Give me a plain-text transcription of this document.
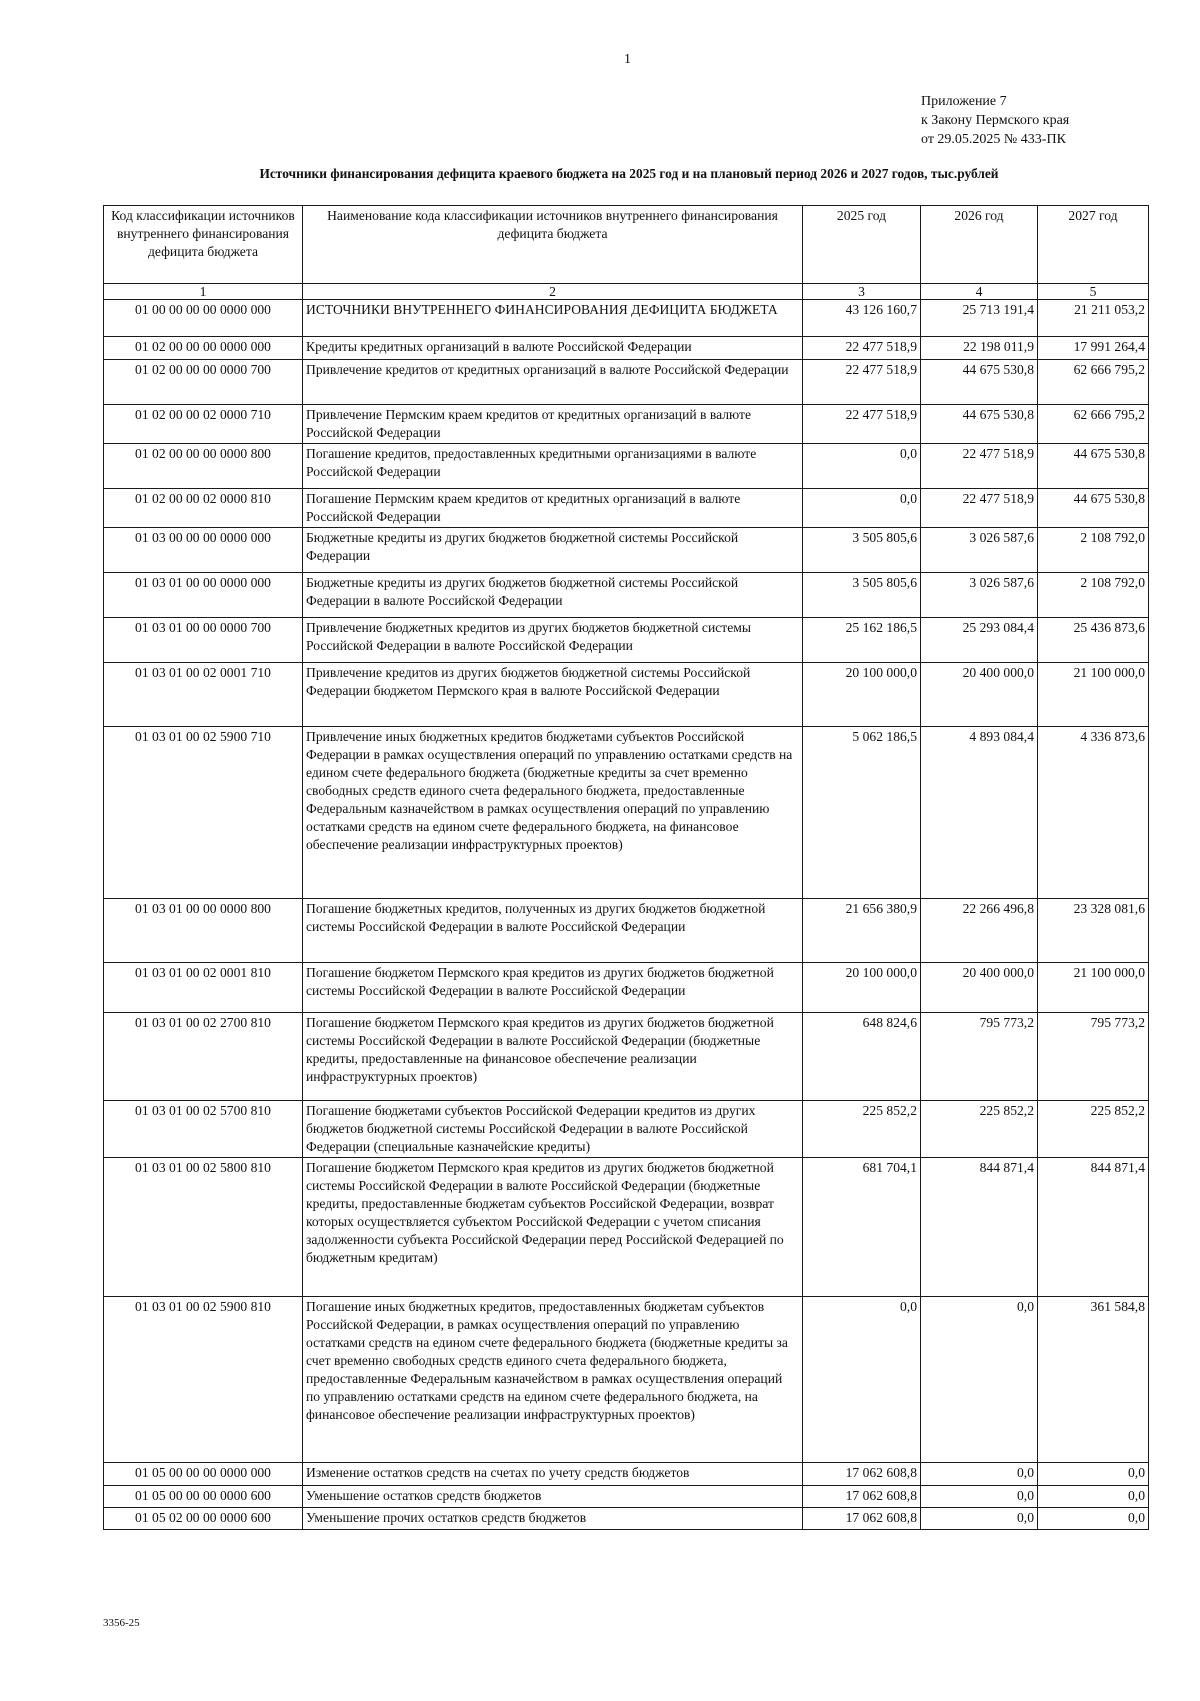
1
Приложение 7
к Закону Пермского края
от 29.05.2025 № 433-ПК
Источники финансирования дефицита краевого бюджета на 2025 год и на плановый период 2026 и 2027 годов, тыс.рублей
Код классификации источников внутреннего финансирования дефицита бюджета	Наименование кода классификации источников внутреннего финансирования дефицита бюджета	2025 год	2026 год	2027 год
1	2	3	4	5
01 00 00 00 00 0000 000	ИСТОЧНИКИ ВНУТРЕННЕГО ФИНАНСИРОВАНИЯ ДЕФИЦИТА БЮДЖЕТА	43 126 160,7	25 713 191,4	21 211 053,2
01 02 00 00 00 0000 000	Кредиты кредитных организаций в валюте Российской Федерации	22 477 518,9	22 198 011,9	17 991 264,4
01 02 00 00 00 0000 700	Привлечение кредитов от кредитных организаций в валюте Российской Федерации	22 477 518,9	44 675 530,8	62 666 795,2
01 02 00 00 02 0000 710	Привлечение Пермским краем кредитов от кредитных организаций в валюте Российской Федерации	22 477 518,9	44 675 530,8	62 666 795,2
01 02 00 00 00 0000 800	Погашение кредитов, предоставленных кредитными организациями в валюте Российской Федерации	0,0	22 477 518,9	44 675 530,8
01 02 00 00 02 0000 810	Погашение Пермским краем кредитов от кредитных организаций в валюте Российской Федерации	0,0	22 477 518,9	44 675 530,8
01 03 00 00 00 0000 000	Бюджетные кредиты из других бюджетов бюджетной системы Российской Федерации	3 505 805,6	3 026 587,6	2 108 792,0
01 03 01 00 00 0000 000	Бюджетные кредиты из других бюджетов бюджетной системы Российской Федерации в валюте Российской Федерации	3 505 805,6	3 026 587,6	2 108 792,0
01 03 01 00 00 0000 700	Привлечение бюджетных кредитов из других бюджетов бюджетной системы Российской Федерации в валюте Российской Федерации	25 162 186,5	25 293 084,4	25 436 873,6
01 03 01 00 02 0001 710	Привлечение кредитов из других бюджетов бюджетной системы Российской Федерации бюджетом Пермского края в валюте Российской Федерации	20 100 000,0	20 400 000,0	21 100 000,0
01 03 01 00 02 5900 710	Привлечение иных бюджетных кредитов бюджетами субъектов Российской Федерации в рамках осуществления операций по управлению остатками средств на едином счете федерального бюджета (бюджетные кредиты за счет временно свободных средств единого счета федерального бюджета, предоставленные Федеральным казначейством в рамках осуществления операций по управлению остатками средств на едином счете федерального бюджета, на финансовое обеспечение реализации инфраструктурных проектов)	5 062 186,5	4 893 084,4	4 336 873,6
01 03 01 00 00 0000 800	Погашение бюджетных кредитов, полученных из других бюджетов бюджетной системы Российской Федерации в валюте Российской Федерации	21 656 380,9	22 266 496,8	23 328 081,6
01 03 01 00 02 0001 810	Погашение бюджетом Пермского края кредитов из других бюджетов бюджетной системы Российской Федерации в валюте Российской Федерации	20 100 000,0	20 400 000,0	21 100 000,0
01 03 01 00 02 2700 810	Погашение бюджетом Пермского края кредитов из других бюджетов бюджетной системы Российской Федерации в валюте Российской Федерации (бюджетные кредиты, предоставленные на финансовое обеспечение реализации инфраструктурных проектов)	648 824,6	795 773,2	795 773,2
01 03 01 00 02 5700 810	Погашение бюджетами субъектов Российской Федерации кредитов из других бюджетов бюджетной системы Российской Федерации в валюте Российской Федерации (специальные казначейские кредиты)	225 852,2	225 852,2	225 852,2
01 03 01 00 02 5800 810	Погашение бюджетом Пермского края кредитов из других бюджетов бюджетной системы Российской Федерации в валюте Российской Федерации (бюджетные кредиты, предоставленные бюджетам субъектов Российской Федерации, возврат которых осуществляется субъектом Российской Федерации с учетом списания задолженности субъекта Российской Федерации перед Российской Федерацией по бюджетным кредитам)	681 704,1	844 871,4	844 871,4
01 03 01 00 02 5900 810	Погашение иных бюджетных кредитов, предоставленных бюджетам субъектов Российской Федерации, в рамках осуществления операций по управлению остатками средств на едином счете федерального бюджета (бюджетные кредиты за счет временно свободных средств единого счета федерального бюджета, предоставленные Федеральным казначейством в рамках осуществления операций по управлению остатками средств на едином счете федерального бюджета, на финансовое обеспечение реализации инфраструктурных проектов)	0,0	0,0	361 584,8
01 05 00 00 00 0000 000	Изменение остатков средств на счетах по учету средств бюджетов	17 062 608,8	0,0	0,0
01 05 00 00 00 0000 600	Уменьшение остатков средств бюджетов	17 062 608,8	0,0	0,0
01 05 02 00 00 0000 600	Уменьшение прочих остатков средств бюджетов	17 062 608,8	0,0	0,0
3356-25
